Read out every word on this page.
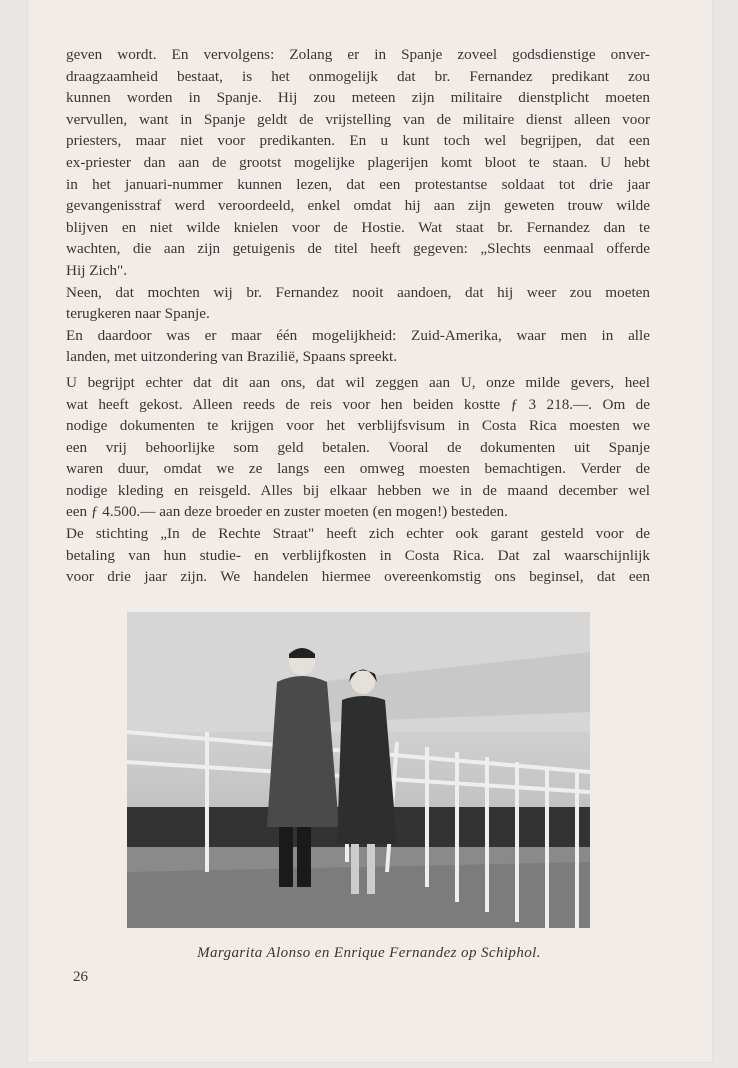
geven wordt. En vervolgens: Zolang er in Spanje zoveel godsdienstige onver-
draagzaamheid bestaat, is het onmogelijk dat br. Fernandez predikant zou
kunnen worden in Spanje. Hij zou meteen zijn militaire dienstplicht moeten
vervullen, want in Spanje geldt de vrijstelling van de militaire dienst alleen voor
priesters, maar niet voor predikanten. En u kunt toch wel begrijpen, dat een
ex-priester dan aan de grootst mogelijke plagerijen komt bloot te staan. U hebt
in het januari-nummer kunnen lezen, dat een protestantse soldaat tot drie jaar
gevangenisstraf werd veroordeeld, enkel omdat hij aan zijn geweten trouw wilde
blijven en niet wilde knielen voor de Hostie. Wat staat br. Fernandez dan te
wachten, die aan zijn getuigenis de titel heeft gegeven: „Slechts eenmaal offerde
Hij Zich".
Neen, dat mochten wij br. Fernandez nooit aandoen, dat hij weer zou moeten
terugkeren naar Spanje.
En daardoor was er maar één mogelijkheid: Zuid-Amerika, waar men in alle
landen, met uitzondering van Brazilië, Spaans spreekt.
U begrijpt echter dat dit aan ons, dat wil zeggen aan U, onze milde gevers, heel
wat heeft gekost. Alleen reeds de reis voor hen beiden kostte ƒ 3 218.—. Om de
nodige dokumenten te krijgen voor het verblijfsvisum in Costa Rica moesten we
een vrij behoorlijke som geld betalen. Vooral de dokumenten uit Spanje
waren duur, omdat we ze langs een omweg moesten bemachtigen. Verder de
nodige kleding en reisgeld. Alles bij elkaar hebben we in de maand december wel
een ƒ 4.500.— aan deze broeder en zuster moeten (en mogen!) besteden.
De stichting „In de Rechte Straat" heeft zich echter ook garant gesteld voor de
betaling van hun studie- en verblijfkosten in Costa Rica. Dat zal waarschijnlijk
voor drie jaar zijn. We handelen hiermee overeenkomstig ons beginsel, dat een
Margarita Alonso en Enrique Fernandez op Schiphol.
26
